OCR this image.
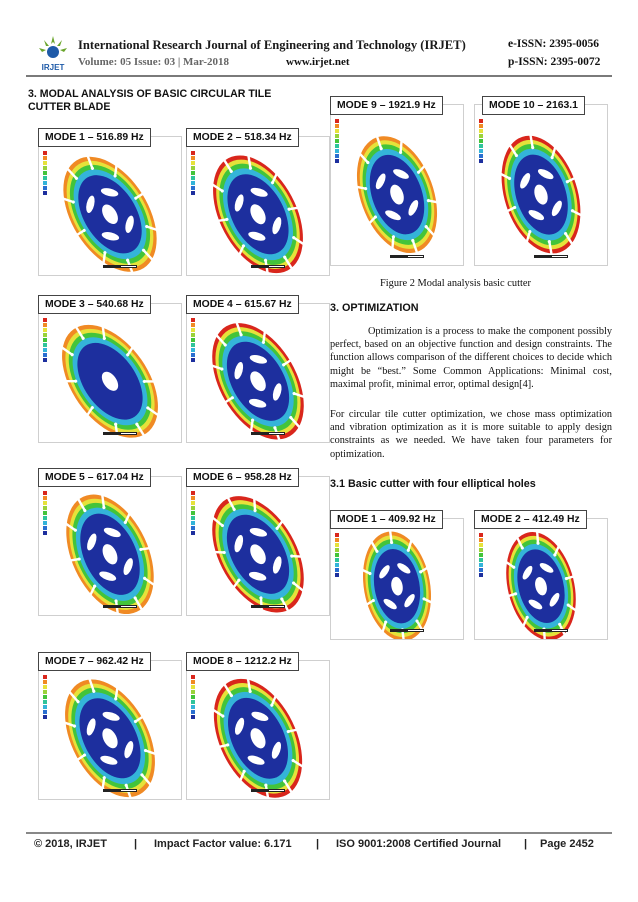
IRJET
International Research Journal of Engineering and Technology (IRJET)	e-ISSN: 2395-0056
Volume: 05 Issue: 03 | Mar-2018	www.irjet.net	p-ISSN: 2395-0072
3. MODAL ANALYSIS OF BASIC CIRCULAR TILE
CUTTER BLADE
MODE 1 – 516.89 Hz	MODE 2 – 518.34 Hz
MODE 3 – 540.68 Hz	MODE 4 – 615.67 Hz
MODE 5 – 617.04 Hz	MODE 6 – 958.28 Hz
MODE 7 – 962.42 Hz	MODE 8 – 1212.2 Hz
MODE 9 – 1921.9 Hz	MODE 10 – 2163.1
Figure 2 Modal analysis basic cutter
3. OPTIMIZATION
Optimization is a process to make the component possibly perfect, based on an objective function and design constraints. The function allows comparison of the different choices to decide which might be “best.” Some Common Applications: Minimal cost, maximal profit, minimal error, optimal design[4].
For circular tile cutter optimization, we chose mass optimization and vibration optimization as it is more suitable to apply design constraints as we needed. We have taken four parameters for optimization.
3.1 Basic cutter with four elliptical holes
MODE 1 – 409.92 Hz	MODE 2 – 412.49 Hz
© 2018, IRJET | Impact Factor value: 6.171 | ISO 9001:2008 Certified Journal | Page 2452
